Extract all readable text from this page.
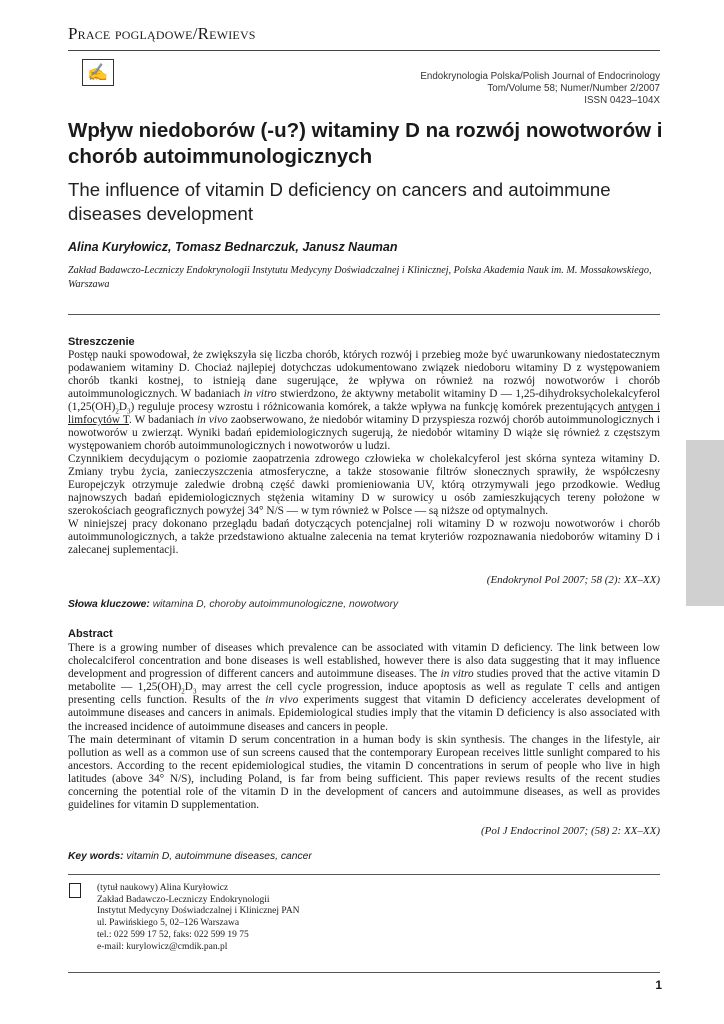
Prace poglądowe/Rewievs
✍	Endokrynologia Polska/Polish Journal of Endocrinology
Tom/Volume 58; Numer/Number 2/2007
ISSN 0423–104X
Wpływ niedoborów (-u?) witaminy D na rozwój nowotworów i chorób autoimmunologicznych
The influence of vitamin D deficiency on cancers and autoimmune diseases development
Alina Kuryłowicz, Tomasz Bednarczuk, Janusz Nauman
Zakład Badawczo-Leczniczy Endokrynologii Instytutu Medycyny Doświadczalnej i Klinicznej, Polska Akademia Nauk im. M. Mossakowskiego, Warszawa
Streszczenie

Postęp nauki spowodował, że zwiększyła się liczba chorób, których rozwój i przebieg może być uwarunkowany niedostatecznym podawaniem witaminy D. Chociaż najlepiej dotychczas udokumentowano związek niedoboru witaminy D z występowaniem chorób tkanki kostnej, to istnieją dane sugerujące, że wpływa on również na rozwój nowotworów i chorób autoimmunologicznych. W badaniach in vitro stwierdzono, że aktywny metabolit witaminy D — 1,25-dihydroksycholekalcyferol $(1,25(OH)_2D_3)$ reguluje procesy wzrostu i różnicowania komórek, a także wpływa na funkcję komórek prezentujących antygen i limfocytów T. W badaniach in vivo zaobserwowano, że niedobór witaminy D przyspiesza rozwój chorób autoimmunologicznych i nowotworów u zwierząt. Wyniki badań epidemiologicznych sugerują, że niedobór witaminy D wiąże się również z częstszym występowaniem chorób autoimmunologicznych i nowotworów u ludzi.

Czynnikiem decydującym o poziomie zaopatrzenia zdrowego człowieka w cholekalcyferol jest skórna synteza witaminy D. Zmiany trybu życia, zanieczyszczenia atmosferyczne, a także stosowanie filtrów słonecznych sprawiły, że współczesny Europejczyk otrzymuje zaledwie drobną część dawki promieniowania UV, którą otrzymywali jego przodkowie. Według najnowszych badań epidemiologicznych stężenia witaminy D w surowicy u osób zamieszkujących tereny położone w szerokościach geograficznych powyżej 34° N/S — w tym również w Polsce — są niższe od optymalnych.

W niniejszej pracy dokonano przeglądu badań dotyczących potencjalnej roli witaminy D w rozwoju nowotworów i chorób autoimmunologicznych, a także przedstawiono aktualne zalecenia na temat kryteriów rozpoznawania niedoborów witaminy D i zalecanej suplementacji.

(Endokrynol Pol 2007; 58 (2): XX–XX)
Słowa kluczowe: witamina D, choroby autoimmunologiczne, nowotwory
Abstract

There is a growing number of diseases which prevalence can be associated with vitamin D deficiency. The link between low cholecalciferol concentration and bone diseases is well established, however there is also data suggesting that it may influence development and progression of different cancers and autoimmune diseases. The in vitro studies proved that the active vitamin D metabolite — $1,25(OH)_2D_3$ may arrest the cell cycle progression, induce apoptosis as well as regulate T cells and antigen presenting cells function. Results of the in vivo experiments suggest that vitamin D deficiency accelerates development of autoimmune diseases and cancers in animals. Epidemiological studies imply that the vitamin D deficiency is also associated with the increased incidence of autoimmune diseases and cancers in people.

The main determinant of vitamin D serum concentration in a human body is skin synthesis. The changes in the lifestyle, air pollution as well as a common use of sun screens caused that the contemporary European receives little sunlight compared to his ancestors. According to the recent epidemiological studies, the vitamin D concentrations in serum of people who live in high latitudes (above 34° N/S), including Poland, is far from being sufficient. This paper reviews results of the recent studies concerning the potential role of the vitamin D in the development of cancers and autoimmune diseases, as well as provides guidelines for vitamin D supplementation.

(Pol J Endocrinol 2007; (58) 2: XX–XX)
Key words: vitamin D, autoimmune diseases, cancer
(tytuł naukowy) Alina Kuryłowicz
Zakład Badawczo-Leczniczy Endokrynologii
Instytut Medycyny Doświadczalnej i Klinicznej PAN
ul. Pawińskiego 5, 02–126 Warszawa
tel.: 022 599 17 52, faks: 022 599 19 75
e-mail: kurylowicz@cmdik.pan.pl
1
